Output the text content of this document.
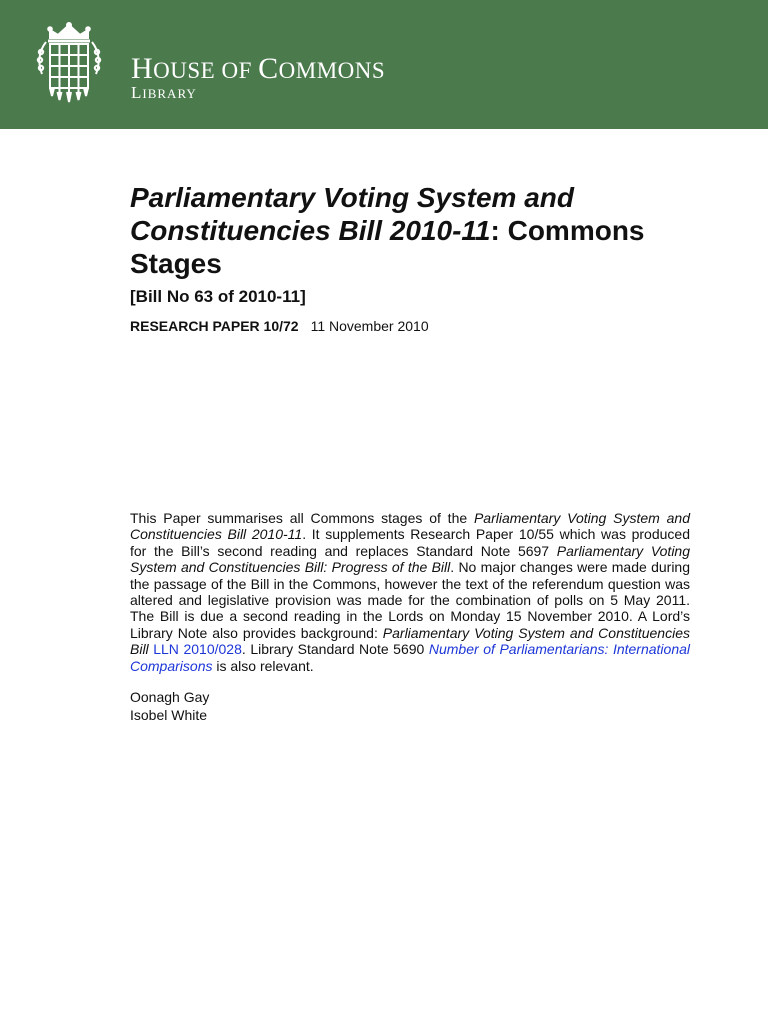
HOUSE OF COMMONS
LIBRARY
Parliamentary Voting System and Constituencies Bill 2010-11: Commons Stages
[Bill No 63 of 2010-11]
RESEARCH PAPER 10/72 11 November 2010

This Paper summarises all Commons stages of the Parliamentary Voting System and Constituencies Bill 2010-11. It supplements Research Paper 10/55 which was produced for the Bill’s second reading and replaces Standard Note 5697 Parliamentary Voting System and Constituencies Bill: Progress of the Bill. No major changes were made during the passage of the Bill in the Commons, however the text of the referendum question was altered and legislative provision was made for the combination of polls on 5 May 2011. The Bill is due a second reading in the Lords on Monday 15 November 2010. A Lord’s Library Note also provides background: Parliamentary Voting System and Constituencies Bill LLN 2010/028. Library Standard Note 5690 Number of Parliamentarians: International Comparisons is also relevant.

Oonagh Gay
Isobel White
